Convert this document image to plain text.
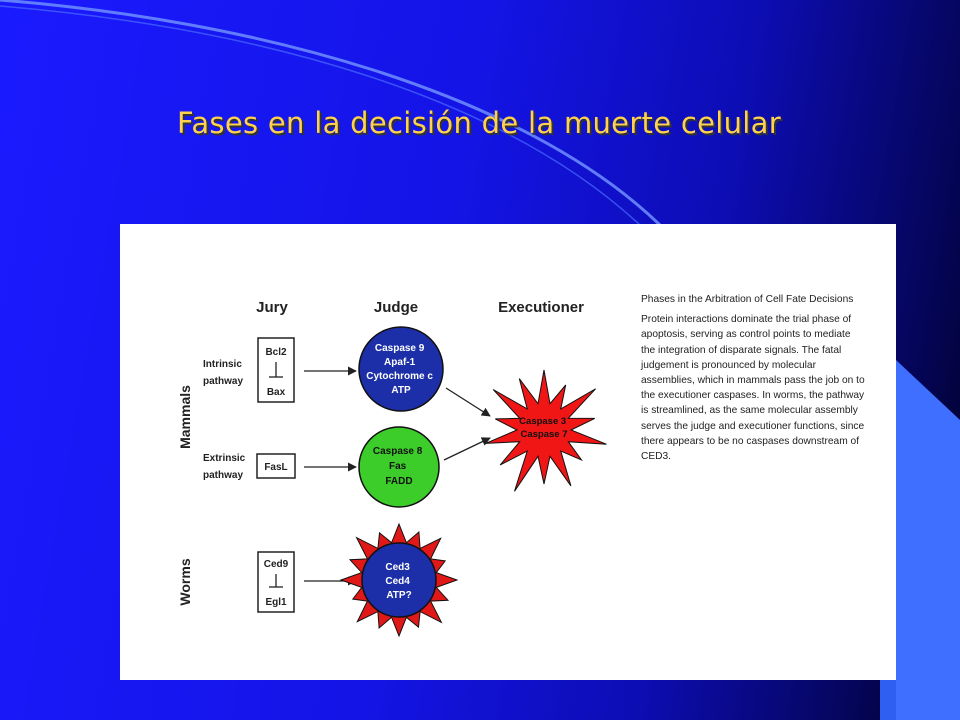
Fases en la decisión de la muerte celular
Jury	Judge	Executioner
Mammals
Worms
Intrinsic pathway
Extrinsic pathway
Bcl2
Bax
FasL
Ced9
Egl1
Caspase 9 Apaf-1 Cytochrome c ATP
Caspase 8 Fas FADD
Ced3 Ced4 ATP?
Caspase 3 Caspase 7

Phases in the Arbitration of Cell Fate Decisions

Protein interactions dominate the trial phase of apoptosis, serving as control points to mediate the integration of disparate signals. The fatal judgement is pronounced by molecular assemblies, which in mammals pass the job on to the executioner caspases. In worms, the pathway is streamlined, as the same molecular assembly serves the judge and executioner functions, since there appears to be no caspases downstream of CED3.
